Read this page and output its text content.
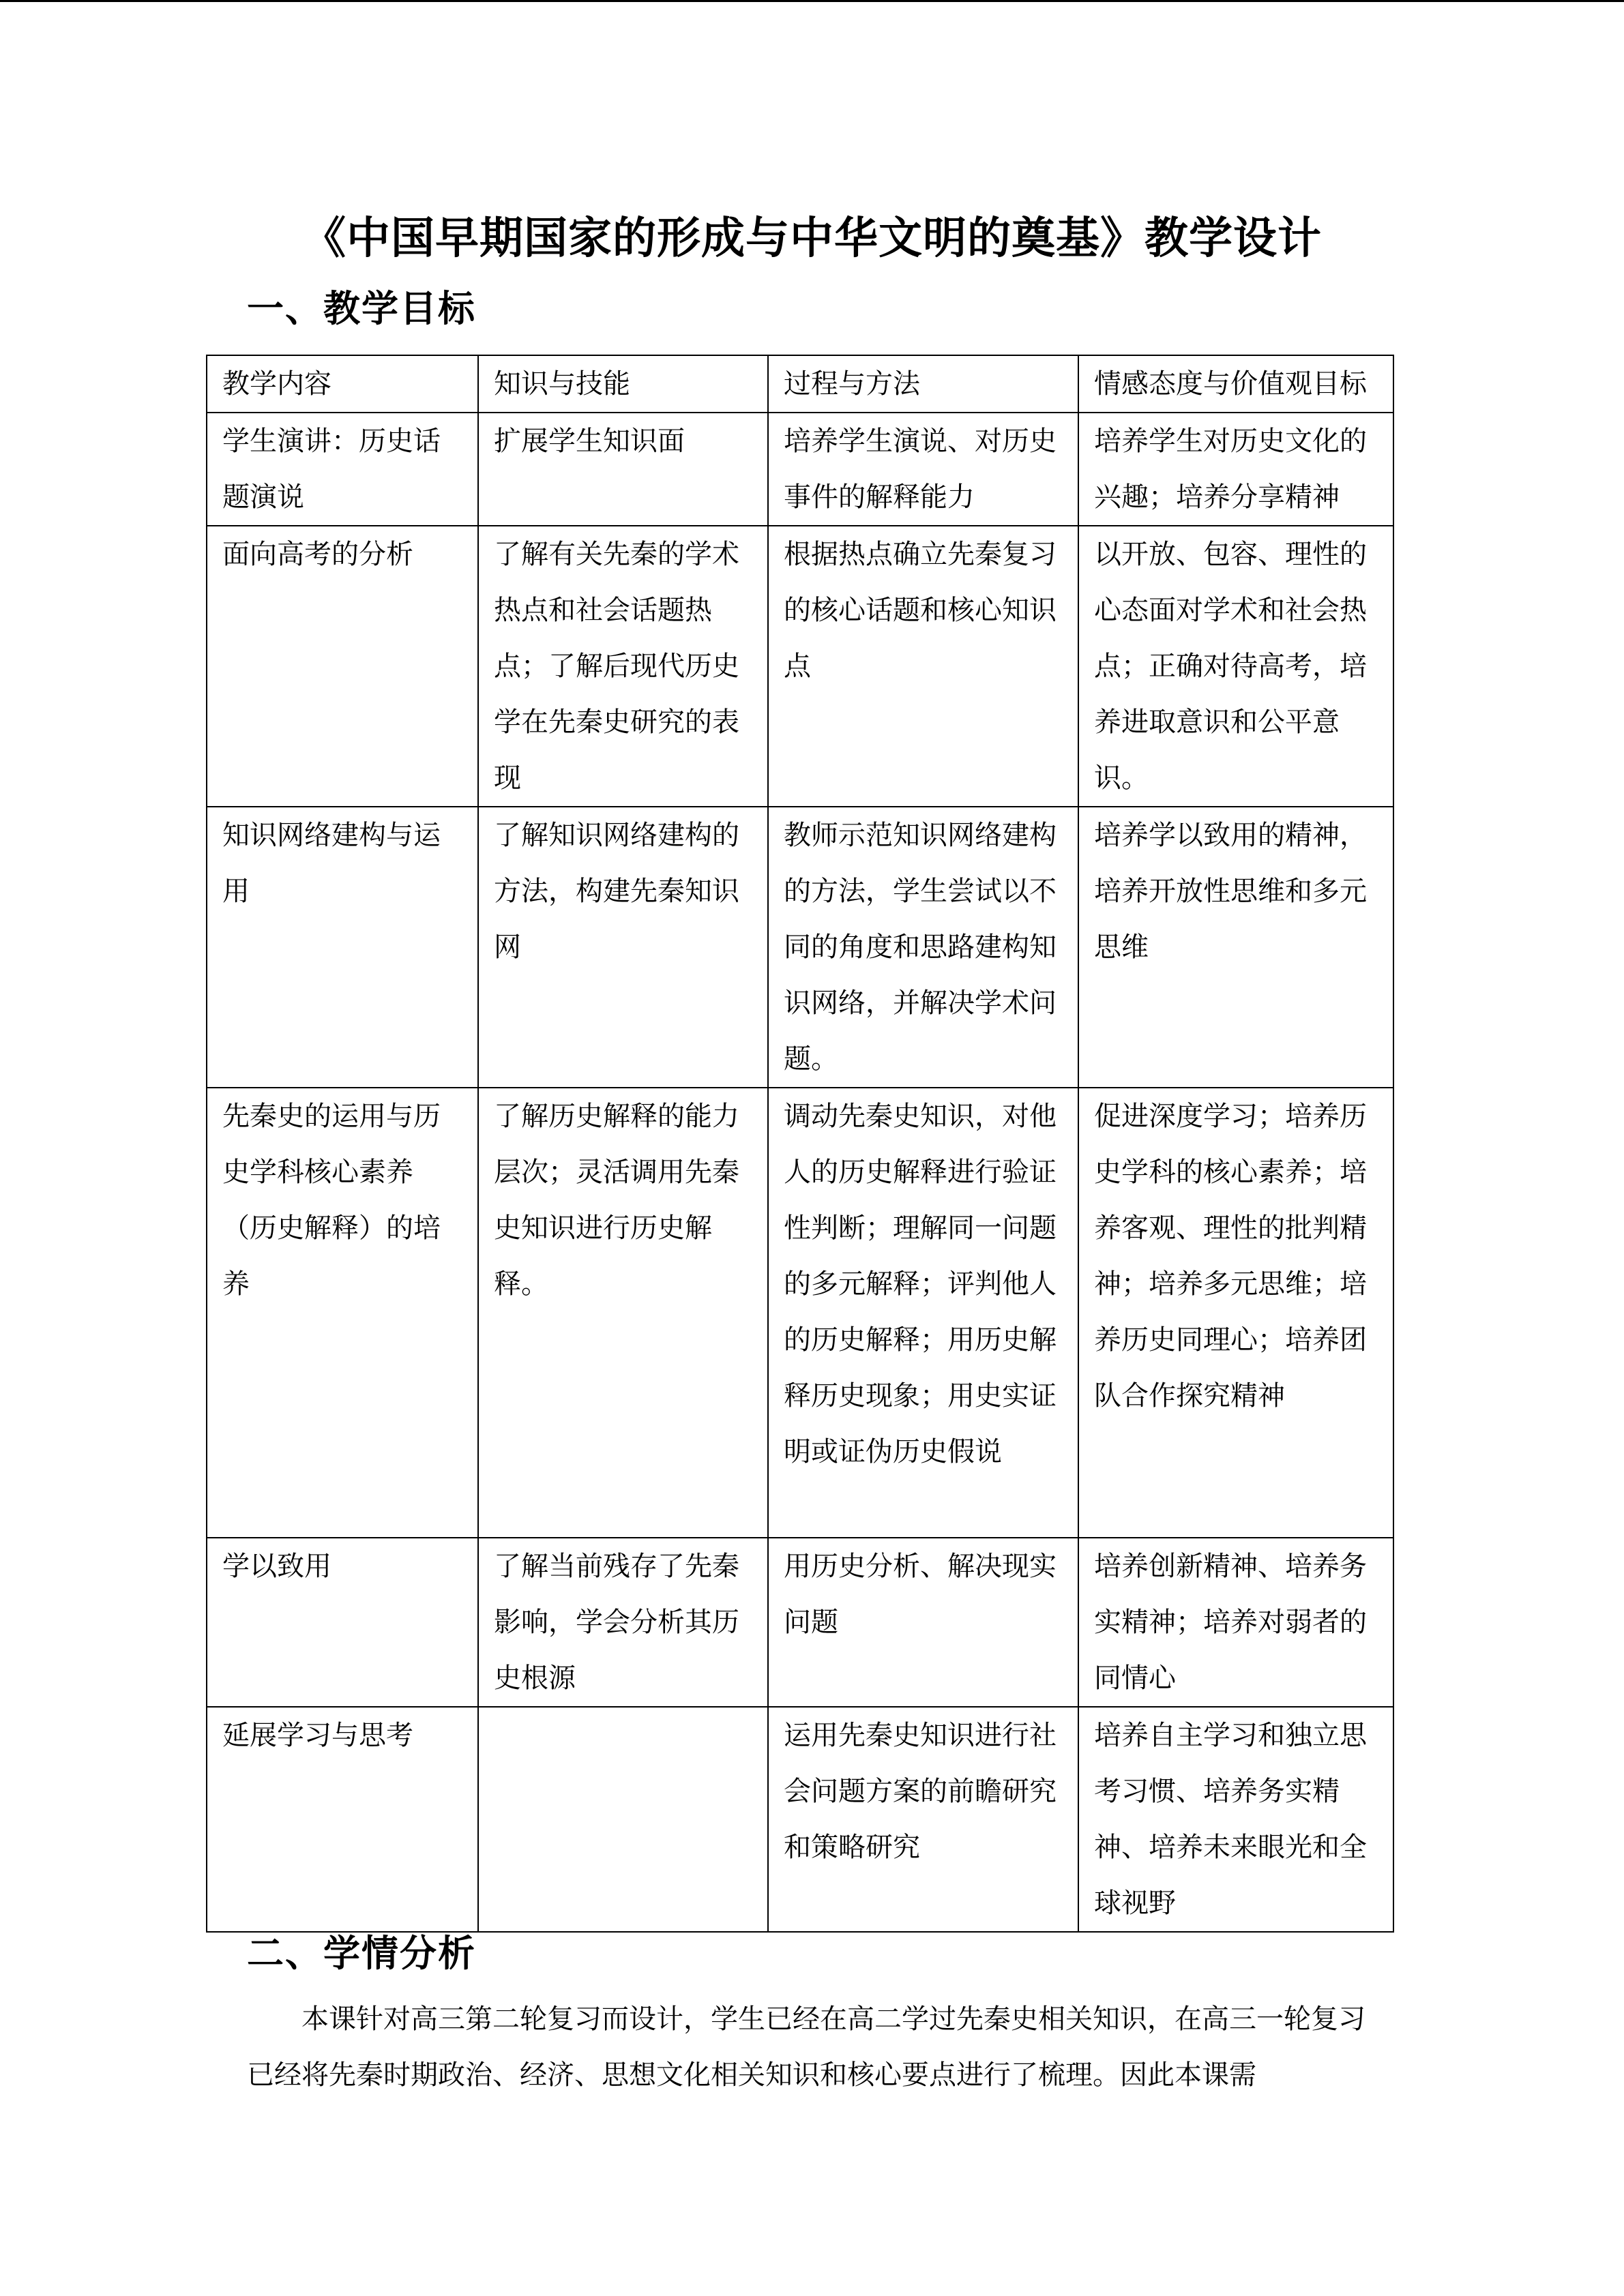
《中国早期国家的形成与中华文明的奠基》教学设计
一、教学目标
教学内容	知识与技能	过程与方法	情感态度与价值观目标
学生演讲：历史话题演说	扩展学生知识面	培养学生演说、对历史事件的解释能力	培养学生对历史文化的兴趣；培养分享精神
面向高考的分析	了解有关先秦的学术热点和社会话题热点；了解后现代历史学在先秦史研究的表现	根据热点确立先秦复习的核心话题和核心知识点	以开放、包容、理性的心态面对学术和社会热点；正确对待高考，培养进取意识和公平意识。
知识网络建构与运用	了解知识网络建构的方法，构建先秦知识网	教师示范知识网络建构的方法，学生尝试以不同的角度和思路建构知识网络，并解决学术问题。	培养学以致用的精神，培养开放性思维和多元思维
先秦史的运用与历史学科核心素养（历史解释）的培养	了解历史解释的能力层次；灵活调用先秦史知识进行历史解释。	调动先秦史知识，对他人的历史解释进行验证性判断；理解同一问题的多元解释；评判他人的历史解释；用历史解释历史现象；用史实证明或证伪历史假说	促进深度学习；培养历史学科的核心素养；培养客观、理性的批判精神；培养多元思维；培养历史同理心；培养团队合作探究精神
学以致用	了解当前残存了先秦影响，学会分析其历史根源	用历史分析、解决现实问题	培养创新精神、培养务实精神；培养对弱者的同情心
延展学习与思考		运用先秦史知识进行社会问题方案的前瞻研究和策略研究	培养自主学习和独立思考习惯、培养务实精神、培养未来眼光和全球视野
二、学情分析
本课针对高三第二轮复习而设计，学生已经在高二学过先秦史相关知识，在高三一轮复习已经将先秦时期政治、经济、思想文化相关知识和核心要点进行了梳理。因此本课需
